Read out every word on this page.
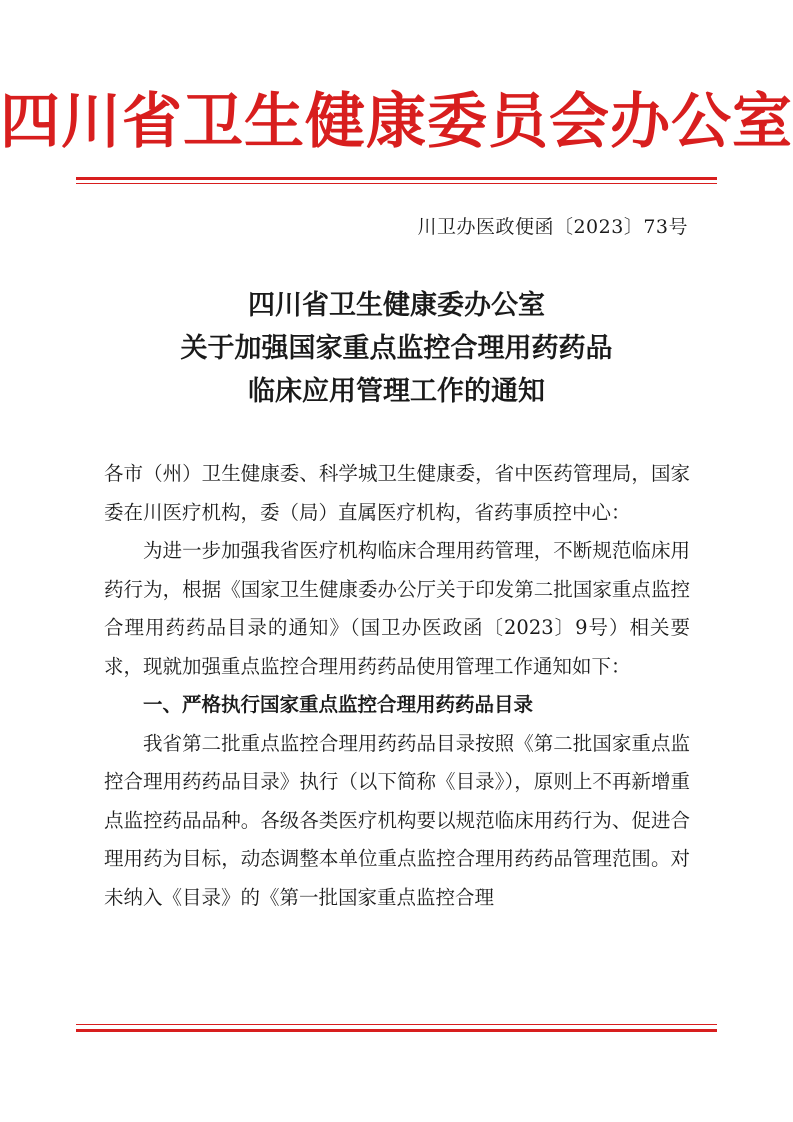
四川省卫生健康委员会办公室
川卫办医政便函〔2023〕73号
四川省卫生健康委办公室
关于加强国家重点监控合理用药药品
临床应用管理工作的通知

各市（州）卫生健康委、科学城卫生健康委，省中医药管理局，国家委在川医疗机构，委（局）直属医疗机构，省药事质控中心：

为进一步加强我省医疗机构临床合理用药管理，不断规范临床用药行为，根据《国家卫生健康委办公厅关于印发第二批国家重点监控合理用药药品目录的通知》（国卫办医政函〔2023〕9号）相关要求，现就加强重点监控合理用药药品使用管理工作通知如下：

一、严格执行国家重点监控合理用药药品目录

我省第二批重点监控合理用药药品目录按照《第二批国家重点监控合理用药药品目录》执行（以下简称《目录》），原则上不再新增重点监控药品品种。各级各类医疗机构要以规范临床用药行为、促进合理用药为目标，动态调整本单位重点监控合理用药药品管理范围。对未纳入《目录》的《第一批国家重点监控合理
